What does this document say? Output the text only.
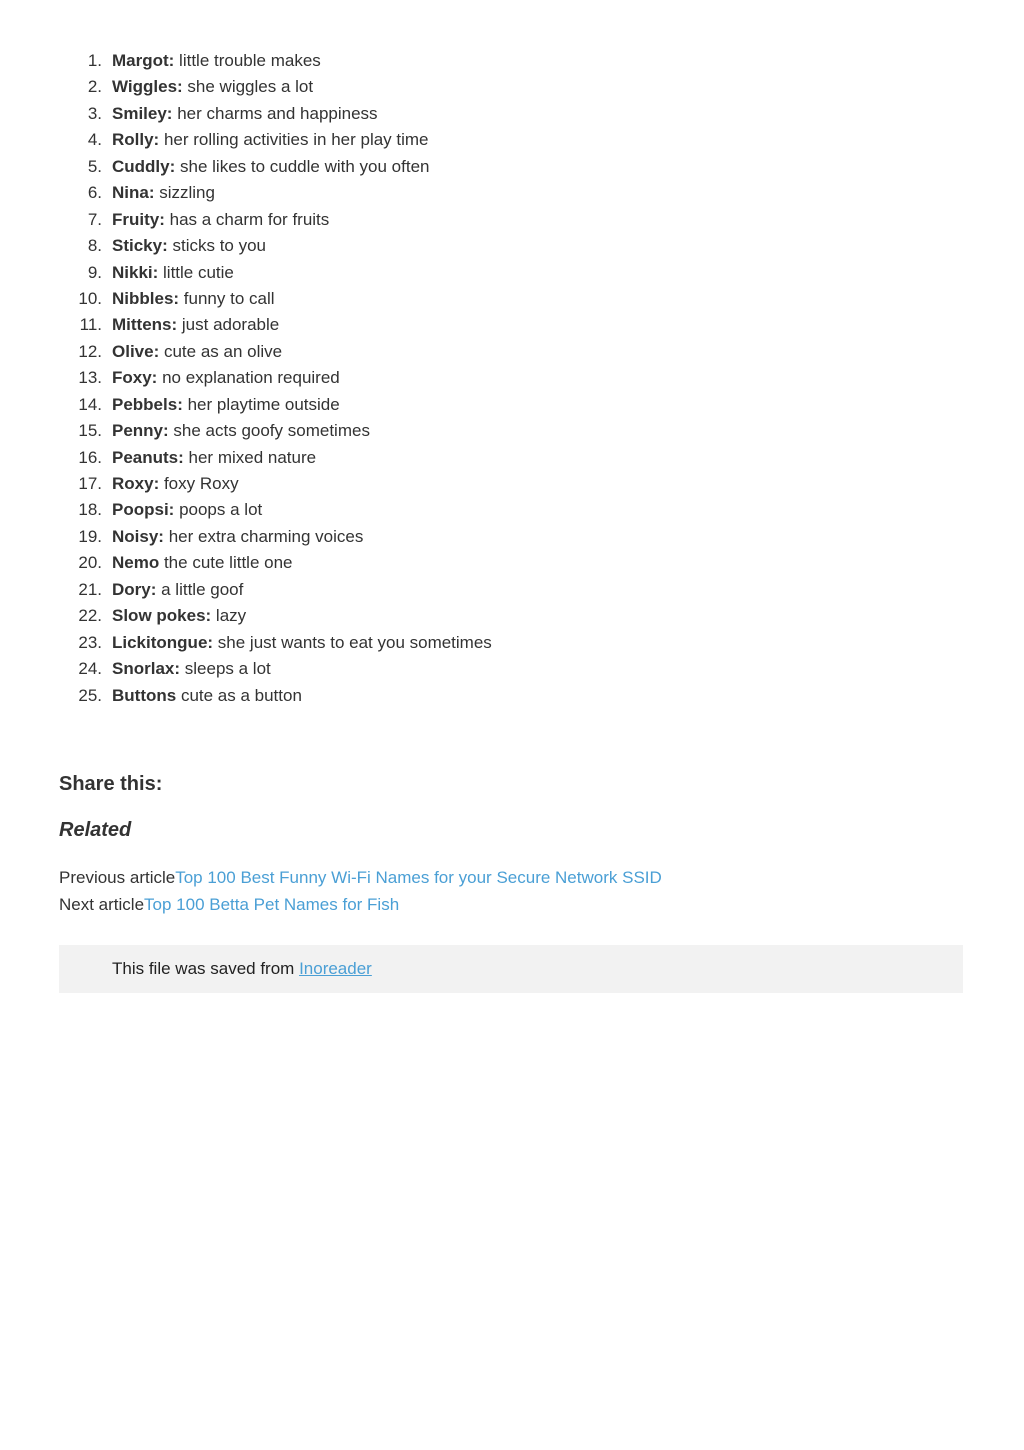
1. Margot: little trouble makes
2. Wiggles: she wiggles a lot
3. Smiley: her charms and happiness
4. Rolly: her rolling activities in her play time
5. Cuddly: she likes to cuddle with you often
6. Nina: sizzling
7. Fruity: has a charm for fruits
8. Sticky: sticks to you
9. Nikki: little cutie
10. Nibbles: funny to call
11. Mittens: just adorable
12. Olive: cute as an olive
13. Foxy: no explanation required
14. Pebbels: her playtime outside
15. Penny: she acts goofy sometimes
16. Peanuts: her mixed nature
17. Roxy: foxy Roxy
18. Poopsi: poops a lot
19. Noisy: her extra charming voices
20. Nemo the cute little one
21. Dory: a little goof
22. Slow pokes: lazy
23. Lickitongue: she just wants to eat you sometimes
24. Snorlax: sleeps a lot
25. Buttons cute as a button
Share this:
Related
Previous articleTop 100 Best Funny Wi-Fi Names for your Secure Network SSID
Next articleTop 100 Betta Pet Names for Fish
This file was saved from Inoreader
